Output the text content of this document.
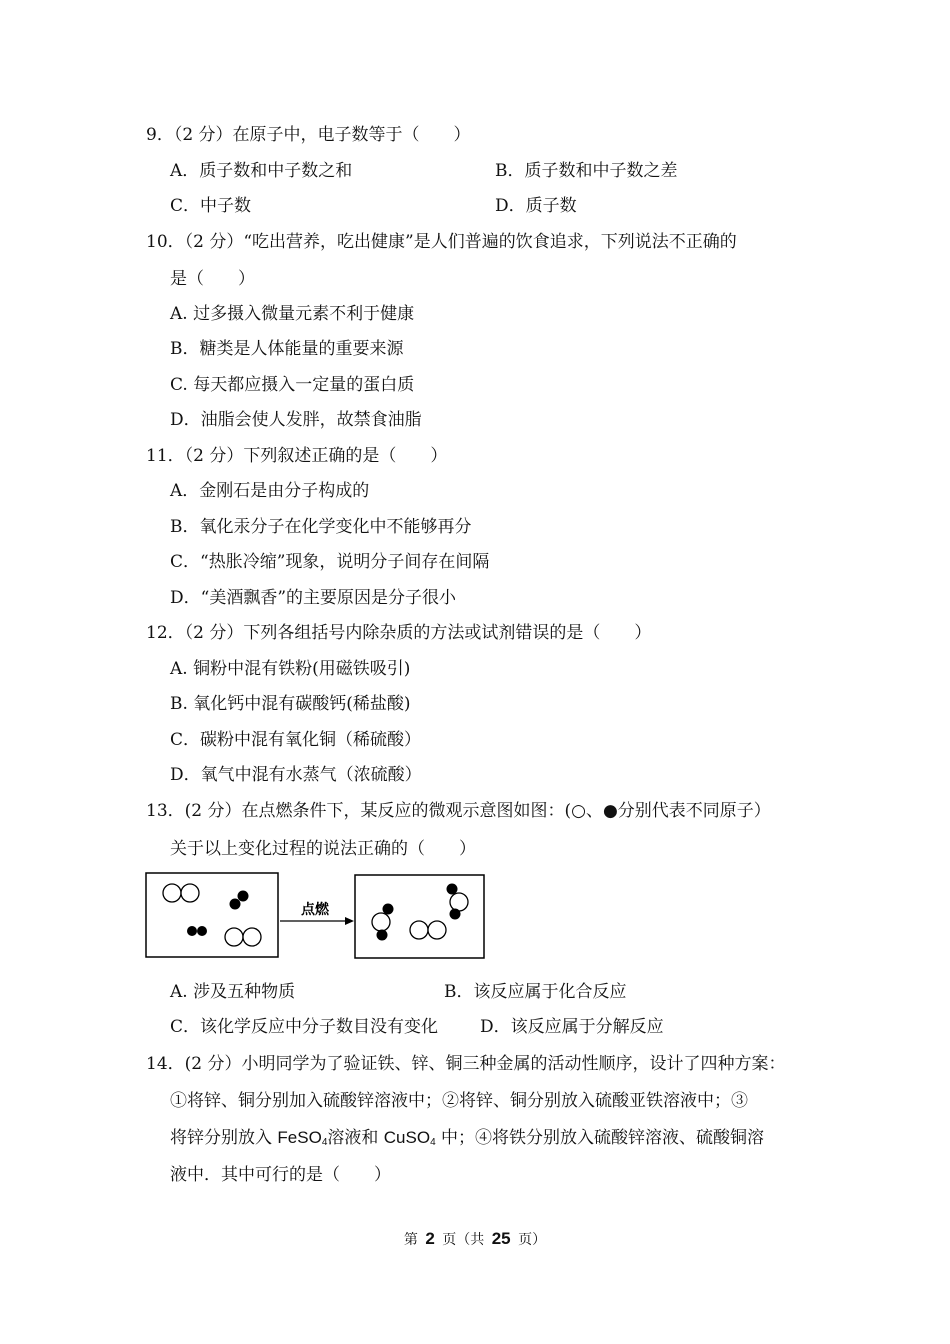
9．（2 分）在原子中，电子数等于（　　）
A．质子数和中子数之和	B．质子数和中子数之差
C．中子数	D．质子数
10．（2 分）“吃出营养，吃出健康”是人们普遍的饮食追求，下列说法不正确的
是（　　）
A. 过多摄入微量元素不利于健康
B．糖类是人体能量的重要来源
C. 每天都应摄入一定量的蛋白质
D．油脂会使人发胖，故禁食油脂
11．（2 分）下列叙述正确的是（　　）
A．金刚石是由分子构成的
B．氧化汞分子在化学变化中不能够再分
C．“热胀冷缩”现象，说明分子间存在间隔
D．“美酒飘香”的主要原因是分子很小
12．（2 分）下列各组括号内除杂质的方法或试剂错误的是（　　）
A. 铜粉中混有铁粉(用磁铁吸引)
B. 氧化钙中混有碳酸钙(稀盐酸)
C．碳粉中混有氧化铜（稀硫酸）
D．氧气中混有水蒸气（浓硫酸）
13．(2 分）在点燃条件下，某反应的微观示意图如图：(○、●分别代表不同原子）
关于以上变化过程的说法正确的（　　）
点燃
A. 涉及五种物质	B．该反应属于化合反应
C．该化学反应中分子数目没有变化 D．该反应属于分解反应
14．(2 分）小明同学为了验证铁、锌、铜三种金属的活动性顺序，设计了四种方案：
①将锌、铜分别加入硫酸锌溶液中；②将锌、铜分别放入硫酸亚铁溶液中；③
将锌分别放入 FeSO$_4$溶液和 CuSO$_4$ 中；④将铁分别放入硫酸锌溶液、硫酸铜溶
液中．其中可行的是（　　）
第 2 页（共 25 页）
